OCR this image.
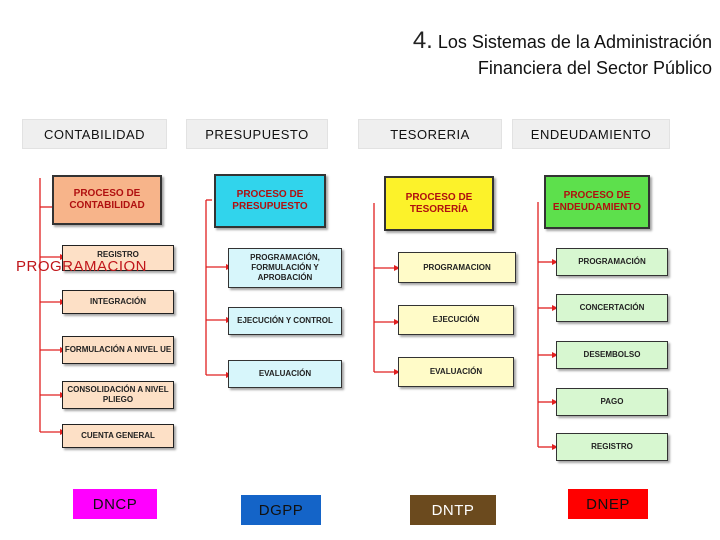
4. Los Sistemas de la Administración
Financiera del Sector Público
CONTABILIDAD	PRESUPUESTO	TESORERIA	ENDEUDAMIENTO
PROCESO DE CONTABILIDAD
REGISTRO
INTEGRACIÓN
FORMULACIÓN A NIVEL UE
CONSOLIDACIÓN A NIVEL PLIEGO
CUENTA GENERAL
PROGRAMACION
PROCESO DE PRESUPUESTO
PROGRAMACIÓN, FORMULACIÓN Y APROBACIÓN
EJECUCIÓN Y CONTROL
EVALUACIÓN
PROCESO DE TESORERÍA
PROGRAMACION
EJECUCIÓN
EVALUACIÓN
PROCESO DE ENDEUDAMIENTO
PROGRAMACIÓN
CONCERTACIÓN
DESEMBOLSO
PAGO
REGISTRO
DNCP	DGPP	DNTP	DNEP
